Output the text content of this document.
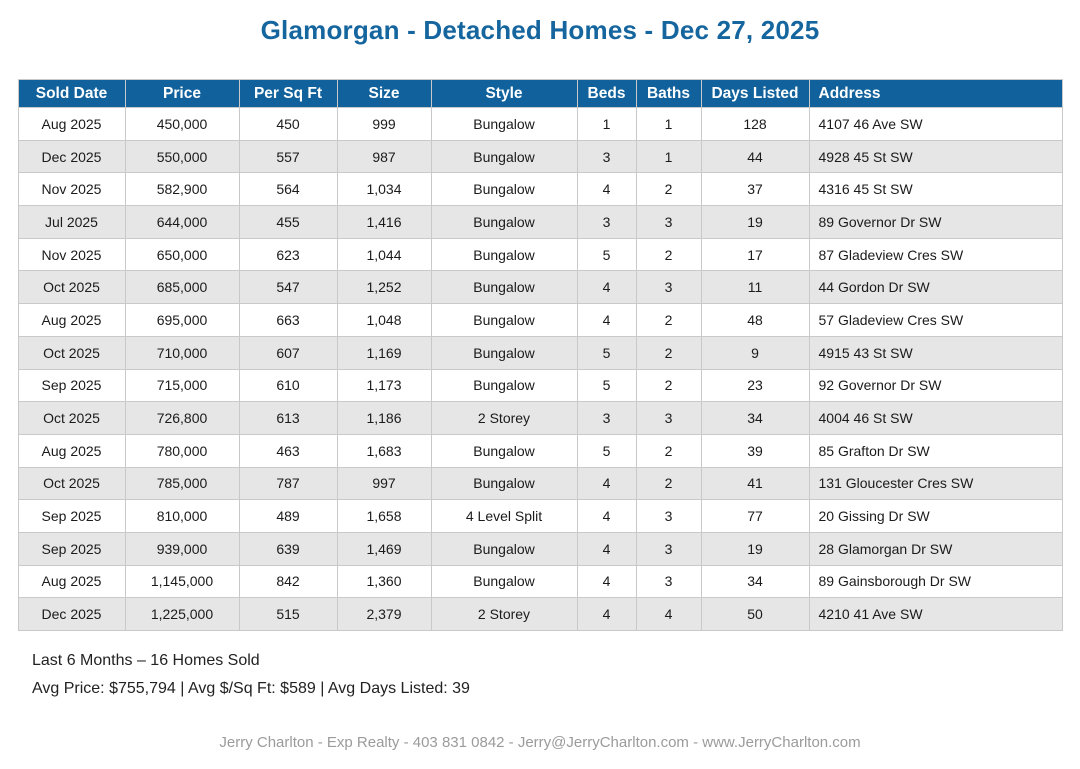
Glamorgan - Detached Homes - Dec 27, 2025
Sold Date	Price	Per Sq Ft	Size	Style	Beds	Baths	Days Listed	Address
Aug 2025	450,000	450	999	Bungalow	1	1	128	4107 46 Ave SW
Dec 2025	550,000	557	987	Bungalow	3	1	44	4928 45 St SW
Nov 2025	582,900	564	1,034	Bungalow	4	2	37	4316 45 St SW
Jul 2025	644,000	455	1,416	Bungalow	3	3	19	89 Governor Dr SW
Nov 2025	650,000	623	1,044	Bungalow	5	2	17	87 Gladeview Cres SW
Oct 2025	685,000	547	1,252	Bungalow	4	3	11	44 Gordon Dr SW
Aug 2025	695,000	663	1,048	Bungalow	4	2	48	57 Gladeview Cres SW
Oct 2025	710,000	607	1,169	Bungalow	5	2	9	4915 43 St SW
Sep 2025	715,000	610	1,173	Bungalow	5	2	23	92 Governor Dr SW
Oct 2025	726,800	613	1,186	2 Storey	3	3	34	4004 46 St SW
Aug 2025	780,000	463	1,683	Bungalow	5	2	39	85 Grafton Dr SW
Oct 2025	785,000	787	997	Bungalow	4	2	41	131 Gloucester Cres SW
Sep 2025	810,000	489	1,658	4 Level Split	4	3	77	20 Gissing Dr SW
Sep 2025	939,000	639	1,469	Bungalow	4	3	19	28 Glamorgan Dr SW
Aug 2025	1,145,000	842	1,360	Bungalow	4	3	34	89 Gainsborough Dr SW
Dec 2025	1,225,000	515	2,379	2 Storey	4	4	50	4210 41 Ave SW

Last 6 Months – 16 Homes Sold

Avg Price: $755,794 | Avg $/Sq Ft: $589 | Avg Days Listed: 39

Jerry Charlton - Exp Realty - 403 831 0842 - Jerry@JerryCharlton.com - www.JerryCharlton.com
